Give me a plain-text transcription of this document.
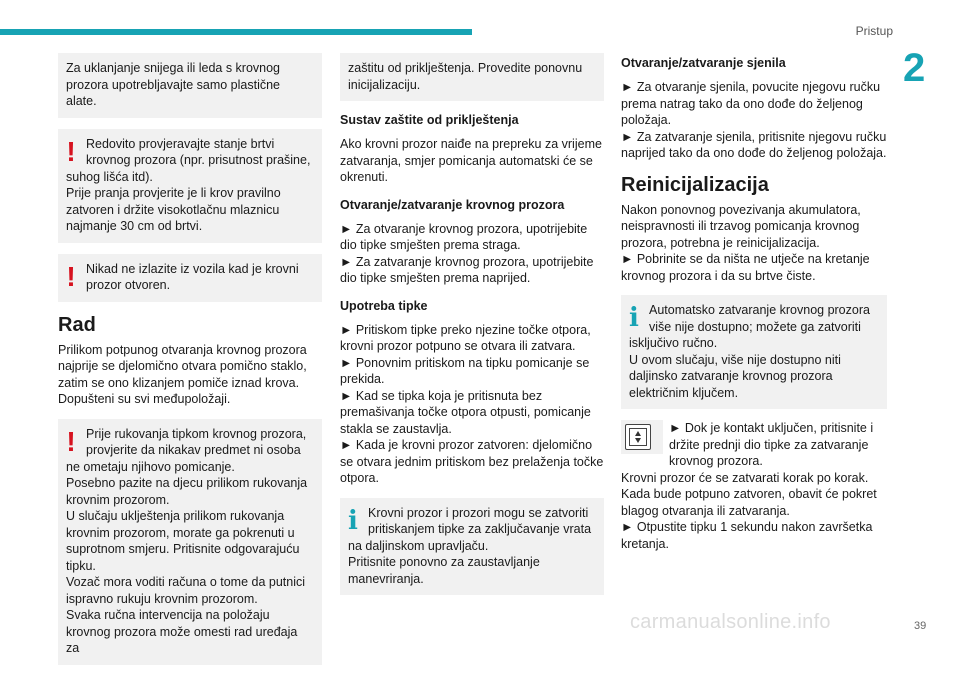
Pristup
2
Za uklanjanje snijega ili leda s krovnog prozora upotrebljavajte samo plastične alate.
! Redovito provjeravajte stanje brtvi krovnog prozora (npr. prisutnost prašine, suhog lišća itd).
Prije pranja provjerite je li krov pravilno zatvoren i držite visokotlačnu mlaznicu najmanje 30 cm od brtvi.
! Nikad ne izlazite iz vozila kad je krovni prozor otvoren.
Rad
Prilikom potpunog otvaranja krovnog prozora najprije se djelomično otvara pomično staklo, zatim se ono klizanjem pomiče iznad krova. Dopušteni su svi međupoložaji.
! Prije rukovanja tipkom krovnog prozora, provjerite da nikakav predmet ni osoba ne ometaju njihovo pomicanje.
Posebno pazite na djecu prilikom rukovanja krovnim prozorom.
U slučaju uklještenja prilikom rukovanja krovnim prozorom, morate ga pokrenuti u suprotnom smjeru. Pritisnite odgovarajuću tipku.
Vozač mora voditi računa o tome da putnici ispravno rukuju krovnim prozorom.
Svaka ručna intervencija na položaju krovnog prozora može omesti rad uređaja za
zaštitu od priklještenja. Provedite ponovnu inicijalizaciju.
Sustav zaštite od priklještenja
Ako krovni prozor naiđe na prepreku za vrijeme zatvaranja, smjer pomicanja automatski će se okrenuti.
Otvaranje/zatvaranje krovnog prozora
► Za otvaranje krovnog prozora, upotrijebite dio tipke smješten prema straga.
► Za zatvaranje krovnog prozora, upotrijebite dio tipke smješten prema naprijed.
Upotreba tipke
► Pritiskom tipke preko njezine točke otpora, krovni prozor potpuno se otvara ili zatvara.
► Ponovnim pritiskom na tipku pomicanje se prekida.
► Kad se tipka koja je pritisnuta bez premašivanja točke otpora otpusti, pomicanje stakla se zaustavlja.
► Kada je krovni prozor zatvoren: djelomično se otvara jednim pritiskom bez prelaženja točke otpora.
i Krovni prozor i prozori mogu se zatvoriti pritiskanjem tipke za zaključavanje vrata na daljinskom upravljaču.
Pritisnite ponovno za zaustavljanje manevriranja.
Otvaranje/zatvaranje sjenila
► Za otvaranje sjenila, povucite njegovu ručku prema natrag tako da ono dođe do željenog položaja.
► Za zatvaranje sjenila, pritisnite njegovu ručku naprijed tako da ono dođe do željenog položaja.
Reinicijalizacija
Nakon ponovnog povezivanja akumulatora, neispravnosti ili trzavog pomicanja krovnog prozora, potrebna je reinicijalizacija.
► Pobrinite se da ništa ne utječe na kretanje krovnog prozora i da su brtve čiste.
i Automatsko zatvaranje krovnog prozora više nije dostupno; možete ga zatvoriti isključivo ručno.
U ovom slučaju, više nije dostupno niti daljinsko zatvaranje krovnog prozora električnim ključem.
► Dok je kontakt uključen, pritisnite i držite prednji dio tipke za zatvaranje krovnog prozora.
Krovni prozor će se zatvarati korak po korak.
Kada bude potpuno zatvoren, obavit će pokret blagog otvaranja ili zatvaranja.
► Otpustite tipku 1 sekundu nakon završetka kretanja.
carmanualsonline.info	39
